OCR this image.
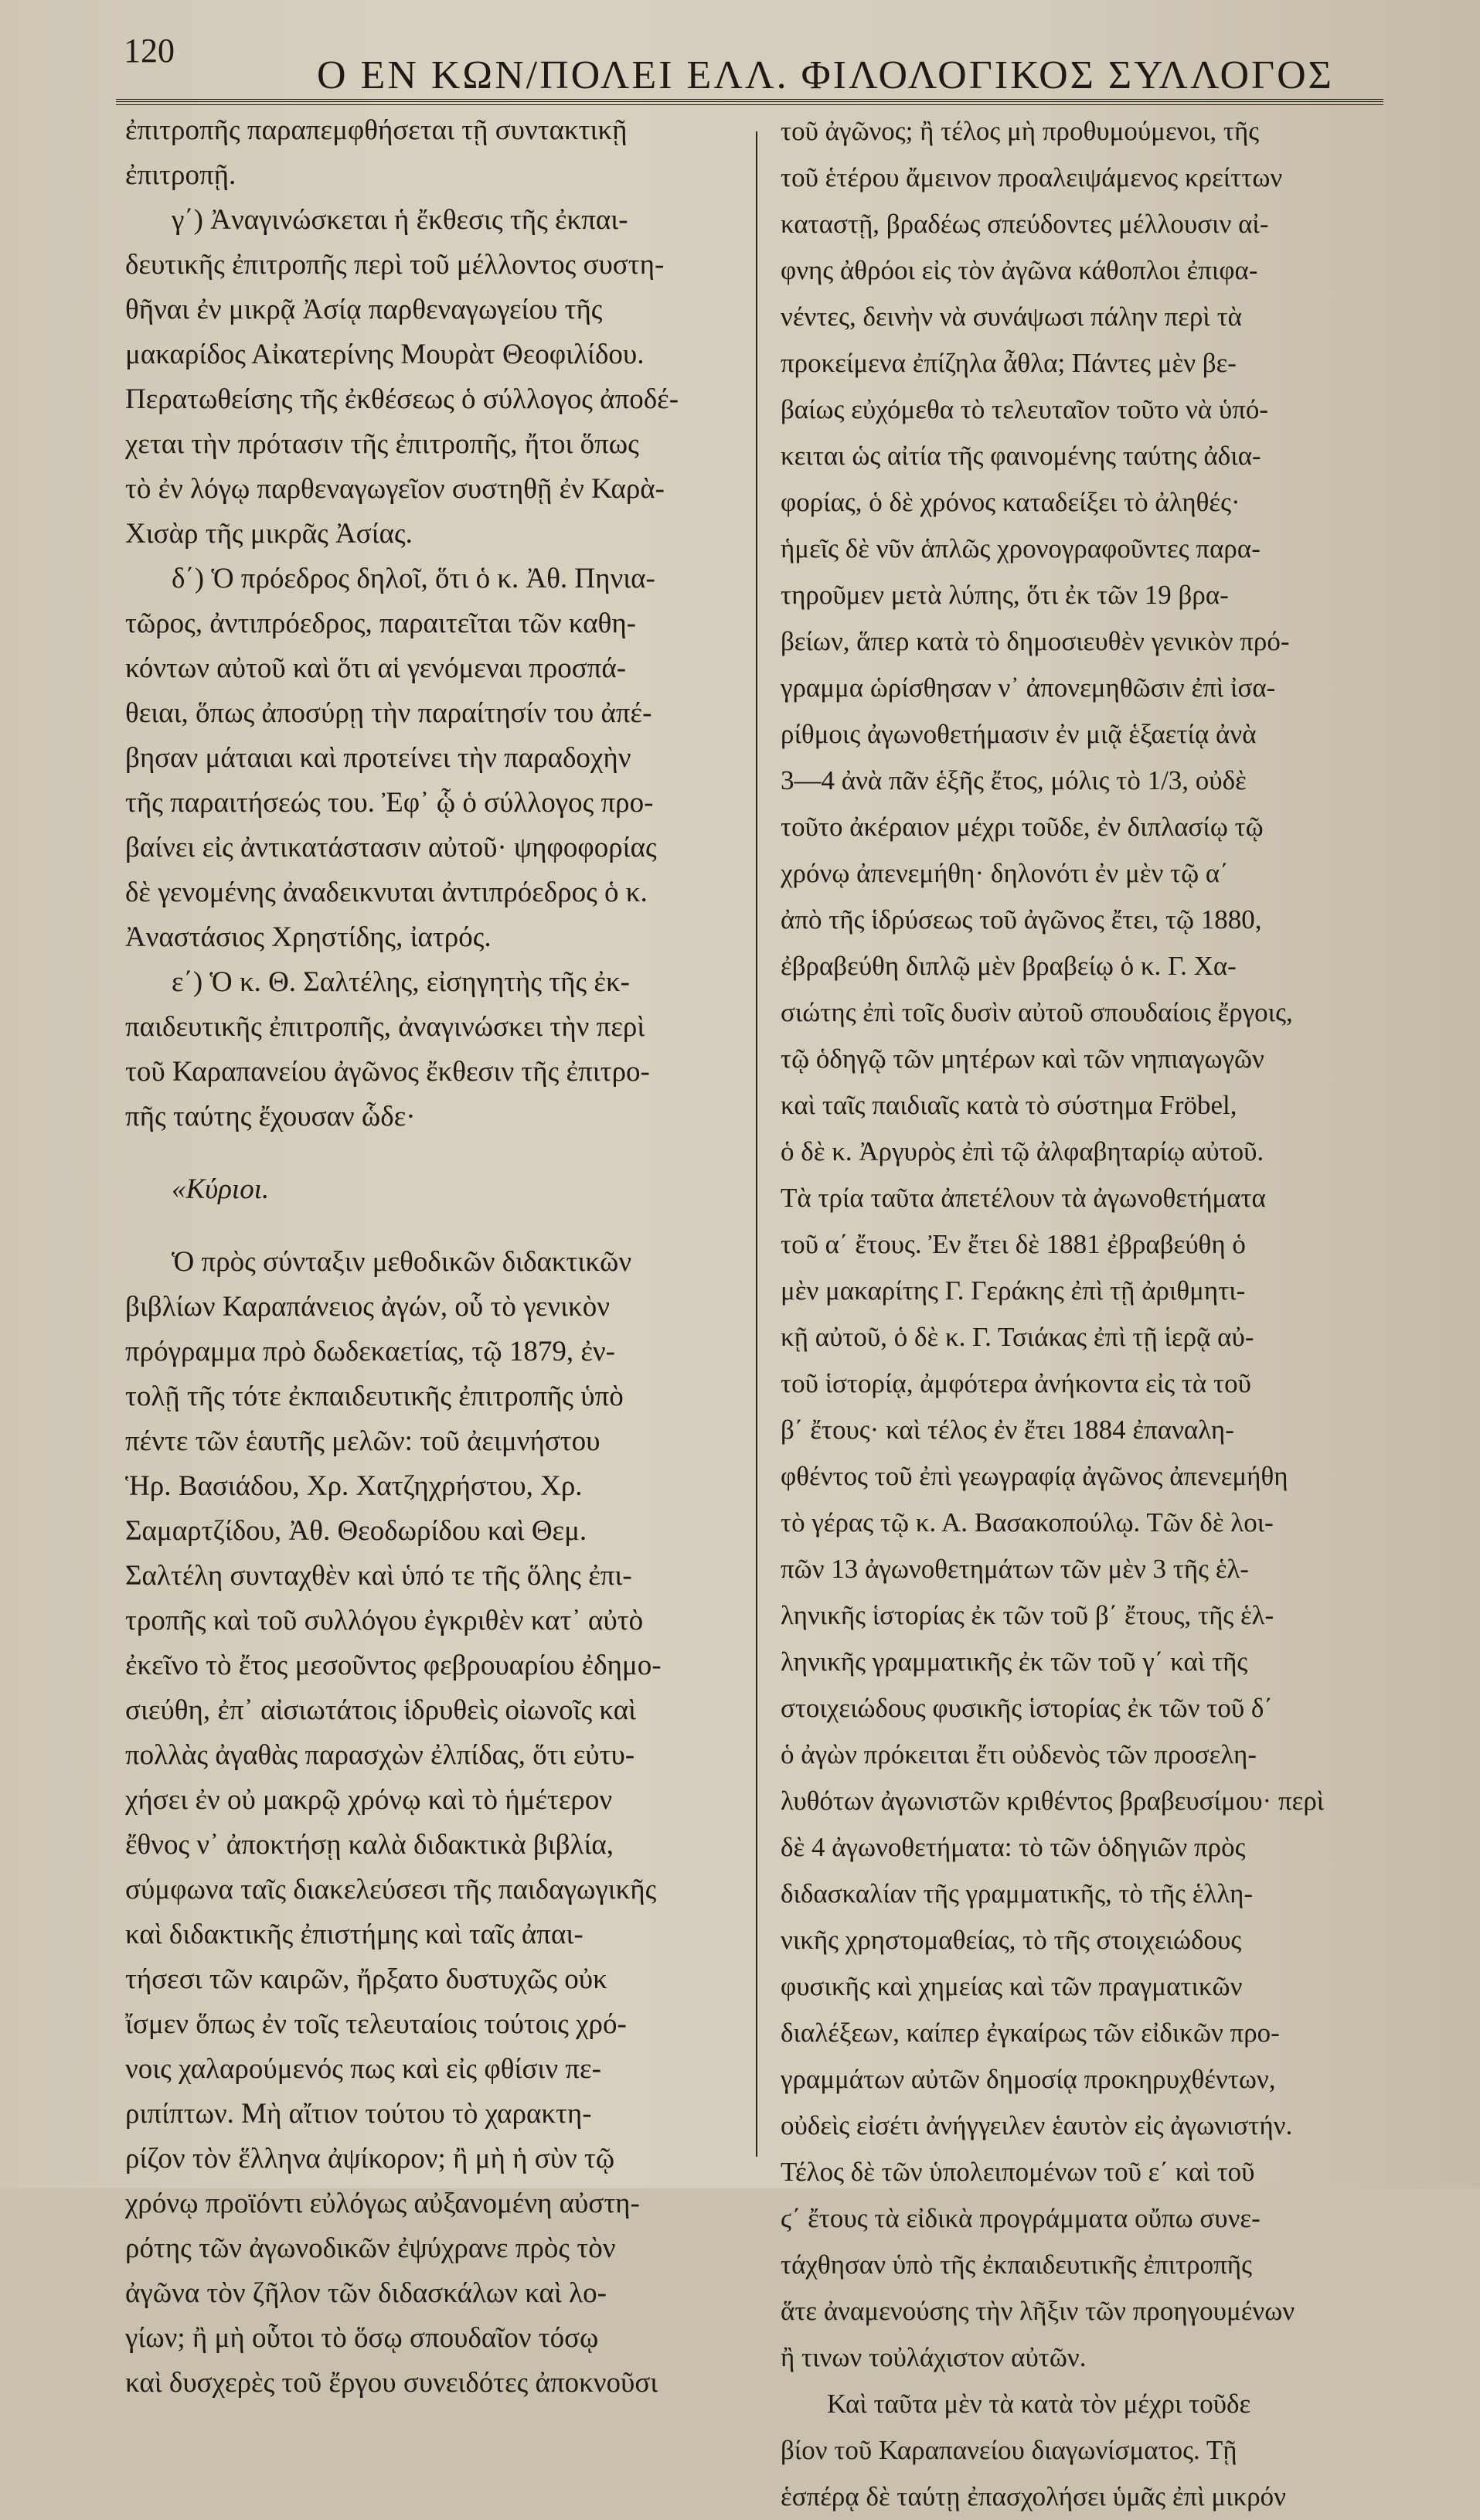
120
Ο ΕΝ ΚΩΝ/ΠΟΛΕΙ ΕΛΛ. ΦΙΛΟΛΟΓΙΚΟΣ ΣΥΛΛΟΓΟΣ
ἐπιτροπῆς παραπεμφθήσεται τῇ συντακτικῇ
ἐπιτροπῇ.
γ΄) Ἀναγινώσκεται ἡ ἔκθεσις τῆς ἐκπαι-
δευτικῆς ἐπιτροπῆς περὶ τοῦ μέλλοντος συστη-
θῆναι ἐν μικρᾷ Ἀσίᾳ παρθεναγωγείου τῆς
μακαρίδος Αἰκατερίνης Μουρὰτ Θεοφιλίδου.
Περατωθείσης τῆς ἐκθέσεως ὁ σύλλογος ἀποδέ-
χεται τὴν πρότασιν τῆς ἐπιτροπῆς, ἤτοι ὅπως
τὸ ἐν λόγῳ παρθεναγωγεῖον συστηθῇ ἐν Καρὰ-
Χισὰρ τῆς μικρᾶς Ἀσίας.
δ΄) Ὁ πρόεδρος δηλοῖ, ὅτι ὁ κ. Ἀθ. Πηνια-
τῶρος, ἀντιπρόεδρος, παραιτεῖται τῶν καθη-
κόντων αὐτοῦ καὶ ὅτι αἱ γενόμεναι προσπά-
θειαι, ὅπως ἀποσύρῃ τὴν παραίτησίν του ἀπέ-
βησαν μάταιαι καὶ προτείνει τὴν παραδοχὴν
τῆς παραιτήσεώς του. Ἐφ᾽ ᾧ ὁ σύλλογος προ-
βαίνει εἰς ἀντικατάστασιν αὐτοῦ· ψηφοφορίας
δὲ γενομένης ἀναδεικνυται ἀντιπρόεδρος ὁ κ.
Ἀναστάσιος Χρηστίδης, ἰατρός.
ε΄) Ὁ κ. Θ. Σαλτέλης, εἰσηγητὴς τῆς ἐκ-
παιδευτικῆς ἐπιτροπῆς, ἀναγινώσκει τὴν περὶ
τοῦ Καραπανείου ἀγῶνος ἔκθεσιν τῆς ἐπιτρο-
πῆς ταύτης ἔχουσαν ὧδε·
«Κύριοι.
Ὁ πρὸς σύνταξιν μεθοδικῶν διδακτικῶν
βιβλίων Καραπάνειος ἀγών, οὗ τὸ γενικὸν
πρόγραμμα πρὸ δωδεκαετίας, τῷ 1879, ἐν-
τολῇ τῆς τότε ἐκπαιδευτικῆς ἐπιτροπῆς ὑπὸ
πέντε τῶν ἑαυτῆς μελῶν: τοῦ ἀειμνήστου
Ἡρ. Βασιάδου, Χρ. Χατζηχρήστου, Χρ.
Σαμαρτζίδου, Ἀθ. Θεοδωρίδου καὶ Θεμ.
Σαλτέλη συνταχθὲν καὶ ὑπό τε τῆς ὅλης ἐπι-
τροπῆς καὶ τοῦ συλλόγου ἐγκριθὲν κατ᾽ αὐτὸ
ἐκεῖνο τὸ ἔτος μεσοῦντος φεβρουαρίου ἐδημο-
σιεύθη, ἐπ᾽ αἰσιωτάτοις ἱδρυθεὶς οἰωνοῖς καὶ
πολλὰς ἀγαθὰς παρασχὼν ἐλπίδας, ὅτι εὐτυ-
χήσει ἐν οὐ μακρῷ χρόνῳ καὶ τὸ ἡμέτερον
ἔθνος ν᾽ ἀποκτήσῃ καλὰ διδακτικὰ βιβλία,
σύμφωνα ταῖς διακελεύσεσι τῆς παιδαγωγικῆς
καὶ διδακτικῆς ἐπιστήμης καὶ ταῖς ἀπαι-
τήσεσι τῶν καιρῶν, ἤρξατο δυστυχῶς οὐκ
ἴσμεν ὅπως ἐν τοῖς τελευταίοις τούτοις χρό-
νοις χαλαρούμενός πως καὶ εἰς φθίσιν πε-
ριπίπτων. Μὴ αἴτιον τούτου τὸ χαρακτη-
ρίζον τὸν ἕλληνα ἀψίκορον; ἢ μὴ ἡ σὺν τῷ
χρόνῳ προϊόντι εὐλόγως αὐξανομένη αὐστη-
ρότης τῶν ἀγωνοδικῶν ἐψύχρανε πρὸς τὸν
ἀγῶνα τὸν ζῆλον τῶν διδασκάλων καὶ λο-
γίων; ἢ μὴ οὗτοι τὸ ὅσῳ σπουδαῖον τόσῳ
καὶ δυσχερὲς τοῦ ἔργου συνειδότες ἀποκνοῦσι
τοῦ ἀγῶνος; ἢ τέλος μὴ προθυμούμενοι, τῆς
τοῦ ἑτέρου ἄμεινον προαλειψάμενος κρείττων
καταστῇ, βραδέως σπεύδοντες μέλλουσιν αἰ-
φνης ἀθρόοι εἰς τὸν ἀγῶνα κάθοπλοι ἐπιφα-
νέντες, δεινὴν νὰ συνάψωσι πάλην περὶ τὰ
προκείμενα ἐπίζηλα ἆθλα; Πάντες μὲν βε-
βαίως εὐχόμεθα τὸ τελευταῖον τοῦτο νὰ ὑπό-
κειται ὡς αἰτία τῆς φαινομένης ταύτης ἀδια-
φορίας, ὁ δὲ χρόνος καταδείξει τὸ ἀληθές·
ἡμεῖς δὲ νῦν ἁπλῶς χρονογραφοῦντες παρα-
τηροῦμεν μετὰ λύπης, ὅτι ἐκ τῶν 19 βρα-
βείων, ἅπερ κατὰ τὸ δημοσιευθὲν γενικὸν πρό-
γραμμα ὡρίσθησαν ν᾽ ἀπονεμηθῶσιν ἐπὶ ἰσα-
ρίθμοις ἀγωνοθετήμασιν ἐν μιᾷ ἑξαετίᾳ ἀνὰ
3—4 ἀνὰ πᾶν ἑξῆς ἔτος, μόλις τὸ 1/3, οὐδὲ
τοῦτο ἀκέραιον μέχρι τοῦδε, ἐν διπλασίῳ τῷ
χρόνῳ ἀπενεμήθη· δηλονότι ἐν μὲν τῷ α΄
ἀπὸ τῆς ἱδρύσεως τοῦ ἀγῶνος ἔτει, τῷ 1880,
ἐβραβεύθη διπλῷ μὲν βραβείῳ ὁ κ. Γ. Χα-
σιώτης ἐπὶ τοῖς δυσὶν αὐτοῦ σπουδαίοις ἔργοις,
τῷ ὁδηγῷ τῶν μητέρων καὶ τῶν νηπιαγωγῶν
καὶ ταῖς παιδιαῖς κατὰ τὸ σύστημα Fröbel,
ὁ δὲ κ. Ἀργυρὸς ἐπὶ τῷ ἀλφαβηταρίῳ αὐτοῦ.
Τὰ τρία ταῦτα ἀπετέλουν τὰ ἀγωνοθετήματα
τοῦ α΄ ἔτους. Ἐν ἔτει δὲ 1881 ἐβραβεύθη ὁ
μὲν μακαρίτης Γ. Γεράκης ἐπὶ τῇ ἀριθμητι-
κῇ αὐτοῦ, ὁ δὲ κ. Γ. Τσιάκας ἐπὶ τῇ ἱερᾷ αὐ-
τοῦ ἱστορίᾳ, ἀμφότερα ἀνήκοντα εἰς τὰ τοῦ
β΄ ἔτους· καὶ τέλος ἐν ἔτει 1884 ἐπαναλη-
φθέντος τοῦ ἐπὶ γεωγραφίᾳ ἀγῶνος ἀπενεμήθη
τὸ γέρας τῷ κ. Α. Βασακοπούλῳ. Τῶν δὲ λοι-
πῶν 13 ἀγωνοθετημάτων τῶν μὲν 3 τῆς ἑλ-
ληνικῆς ἱστορίας ἐκ τῶν τοῦ β΄ ἔτους, τῆς ἑλ-
ληνικῆς γραμματικῆς ἐκ τῶν τοῦ γ΄ καὶ τῆς
στοιχειώδους φυσικῆς ἱστορίας ἐκ τῶν τοῦ δ΄
ὁ ἀγὼν πρόκειται ἔτι οὐδενὸς τῶν προσελη-
λυθότων ἀγωνιστῶν κριθέντος βραβευσίμου· περὶ
δὲ 4 ἀγωνοθετήματα: τὸ τῶν ὁδηγιῶν πρὸς
διδασκαλίαν τῆς γραμματικῆς, τὸ τῆς ἑλλη-
νικῆς χρηστομαθείας, τὸ τῆς στοιχειώδους
φυσικῆς καὶ χημείας καὶ τῶν πραγματικῶν
διαλέξεων, καίπερ ἐγκαίρως τῶν εἰδικῶν προ-
γραμμάτων αὐτῶν δημοσίᾳ προκηρυχθέντων,
οὐδεὶς εἰσέτι ἀνήγγειλεν ἑαυτὸν εἰς ἀγωνιστήν.
Τέλος δὲ τῶν ὑπολειπομένων τοῦ ε΄ καὶ τοῦ
ϛ΄ ἔτους τὰ εἰδικὰ προγράμματα οὔπω συνε-
τάχθησαν ὑπὸ τῆς ἐκπαιδευτικῆς ἐπιτροπῆς
ἅτε ἀναμενούσης τὴν λῆξιν τῶν προηγουμένων
ἢ τινων τοὐλάχιστον αὐτῶν.
Καὶ ταῦτα μὲν τὰ κατὰ τὸν μέχρι τοῦδε
βίον τοῦ Καραπανείου διαγωνίσματος. Τῇ
ἑσπέρᾳ δὲ ταύτῃ ἐπασχολήσει ὑμᾶς ἐπὶ μικρόν
